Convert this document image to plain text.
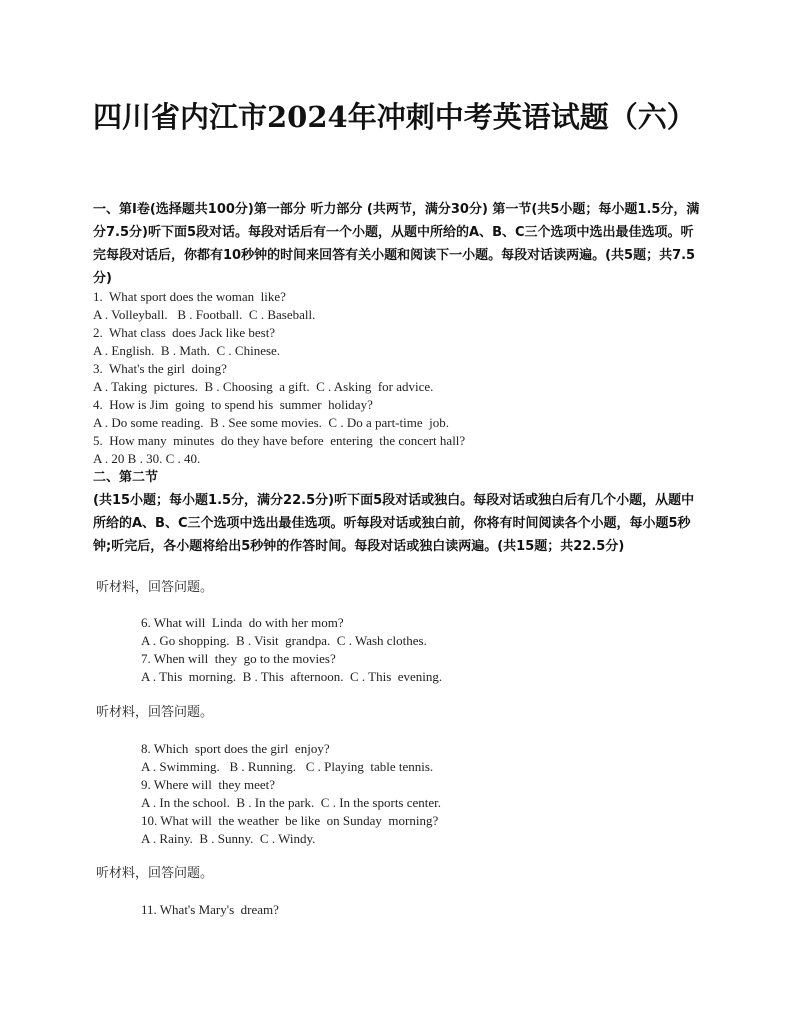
四川省内江市2024年冲刺中考英语试题（六）
一、第I卷(选择题共100分)第一部分 听力部分 (共两节，满分30分) 第一节(共5小题；每小题1.5分，满分7.5分)听下面5段对话。每段对话后有一个小题，从题中所给的A、B、C三个选项中选出最佳选项。听完每段对话后，你都有10秒钟的时间来回答有关小题和阅读下一小题。每段对话读两遍。(共5题；共7.5分)
1.  What sport does the woman  like?
A . Volleyball.   B . Football.  C . Baseball.
2.  What class  does Jack like best?
A . English.  B . Math.  C . Chinese.
3.  What's the girl  doing?
A . Taking  pictures.  B . Choosing  a gift.  C . Asking  for advice.
4.  How is Jim  going  to spend his  summer  holiday?
A . Do some reading.  B . See some movies.  C . Do a part-time  job.
5.  How many  minutes  do they have before  entering  the concert hall?
A . 20 B . 30. C . 40.
二、第二节
(共15小题；每小题1.5分，满分22.5分)听下面5段对话或独白。每段对话或独白后有几个小题，从题中所给的A、B、C三个选项中选出最佳选项。听每段对话或独白前，你将有时间阅读各个小题，每小题5秒钟;听完后，各小题将给出5秒钟的作答时间。每段对话或独白读两遍。(共15题；共22.5分)
听材料，回答问题。
6. What will  Linda  do with her mom?
A . Go shopping.  B . Visit  grandpa.  C . Wash clothes.
7. When will  they  go to the movies?
A . This  morning.  B . This  afternoon.  C . This  evening.
听材料，回答问题。
8. Which  sport does the girl  enjoy?
A . Swimming.   B . Running.   C . Playing  table tennis.
9. Where will  they meet?
A . In the school.  B . In the park.  C . In the sports center.
10. What will  the weather  be like  on Sunday  morning?
A . Rainy.  B . Sunny.  C . Windy.
听材料，回答问题。
11. What's Mary's  dream?
